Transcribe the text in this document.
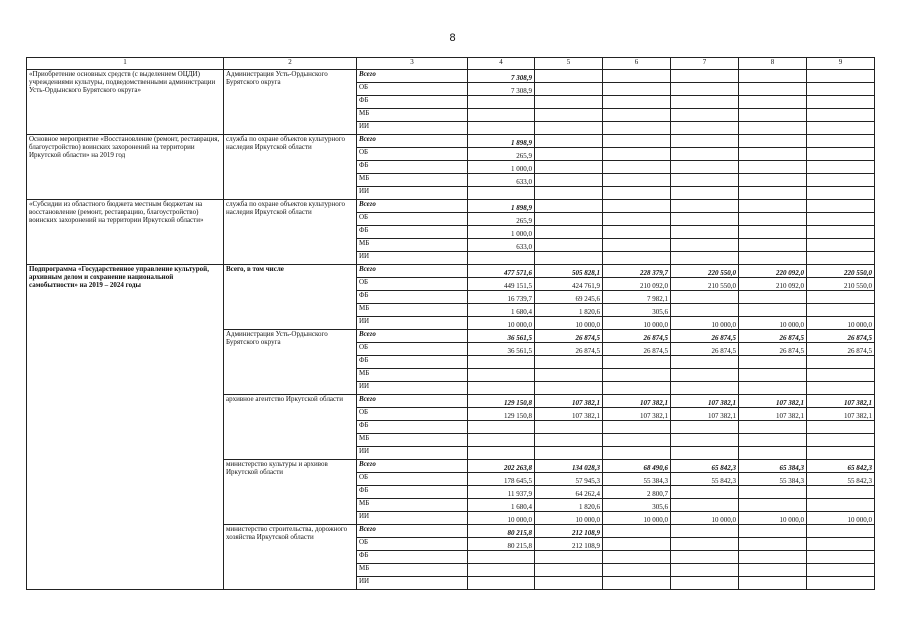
8
1	2	3	4	5	6	7	8	9
«Приобретение основных средств (с выделением ОЦДИ) учреждениями культуры, подведомственными администрации Усть-Ордынского Бурятского округа»	Администрация Усть-Ордынского Бурятского округа	Всего	7 308,9					
		ОБ	7 308,9					
		ФБ						
		МБ						
		ИИ						
Основное мероприятие «Восстановление (ремонт, реставрация, благоустройство) воинских захоронений на территории Иркутской области» на 2019 год	служба по охране объектов культурного наследия Иркутской области	Всего	1 898,9					
		ОБ	265,9					
		ФБ	1 000,0					
		МБ	633,0					
		ИИ						
«Субсидии из областного бюджета местным бюджетам на восстановление (ремонт, реставрацию, благоустройство) воинских захоронений на территории Иркутской области»	служба по охране объектов культурного наследия Иркутской области	Всего	1 898,9					
		ОБ	265,9					
		ФБ	1 000,0					
		МБ	633,0					
		ИИ						
Подпрограмма «Государственное управление культурой, архивным делом и сохранение национальной самобытности» на 2019 – 2024 годы	Всего, в том числе	Всего	477 571,6	505 828,1	228 379,7	220 550,0	220 092,0	220 550,0
		ОБ	449 151,5	424 761,9	210 092,0	210 550,0	210 092,0	210 550,0
		ФБ	16 739,7	69 245,6	7 982,1			
		МБ	1 680,4	1 820,6	305,6			
		ИИ	10 000,0	10 000,0	10 000,0	10 000,0	10 000,0	10 000,0
	Администрация Усть-Ордынского Бурятского округа	Всего	36 561,5	26 874,5	26 874,5	26 874,5	26 874,5	26 874,5
		ОБ	36 561,5	26 874,5	26 874,5	26 874,5	26 874,5	26 874,5
		ФБ						
		МБ						
		ИИ						
	архивное агентство Иркутской области	Всего	129 150,8	107 382,1	107 382,1	107 382,1	107 382,1	107 382,1
		ОБ	129 150,8	107 382,1	107 382,1	107 382,1	107 382,1	107 382,1
		ФБ						
		МБ						
		ИИ						
	министерство культуры и архивов Иркутской области	Всего	202 263,8	134 028,3	68 490,6	65 842,3	65 384,3	65 842,3
		ОБ	178 645,5	57 945,3	55 384,3	55 842,3	55 384,3	55 842,3
		ФБ	11 937,9	64 262,4	2 800,7			
		МБ	1 680,4	1 820,6	305,6			
		ИИ	10 000,0	10 000,0	10 000,0	10 000,0	10 000,0	10 000,0
	министерство строительства, дорожного хозяйства Иркутской области	Всего	80 215,8	212 108,9				
		ОБ	80 215,8	212 108,9				
		ФБ						
		МБ						
		ИИ						
